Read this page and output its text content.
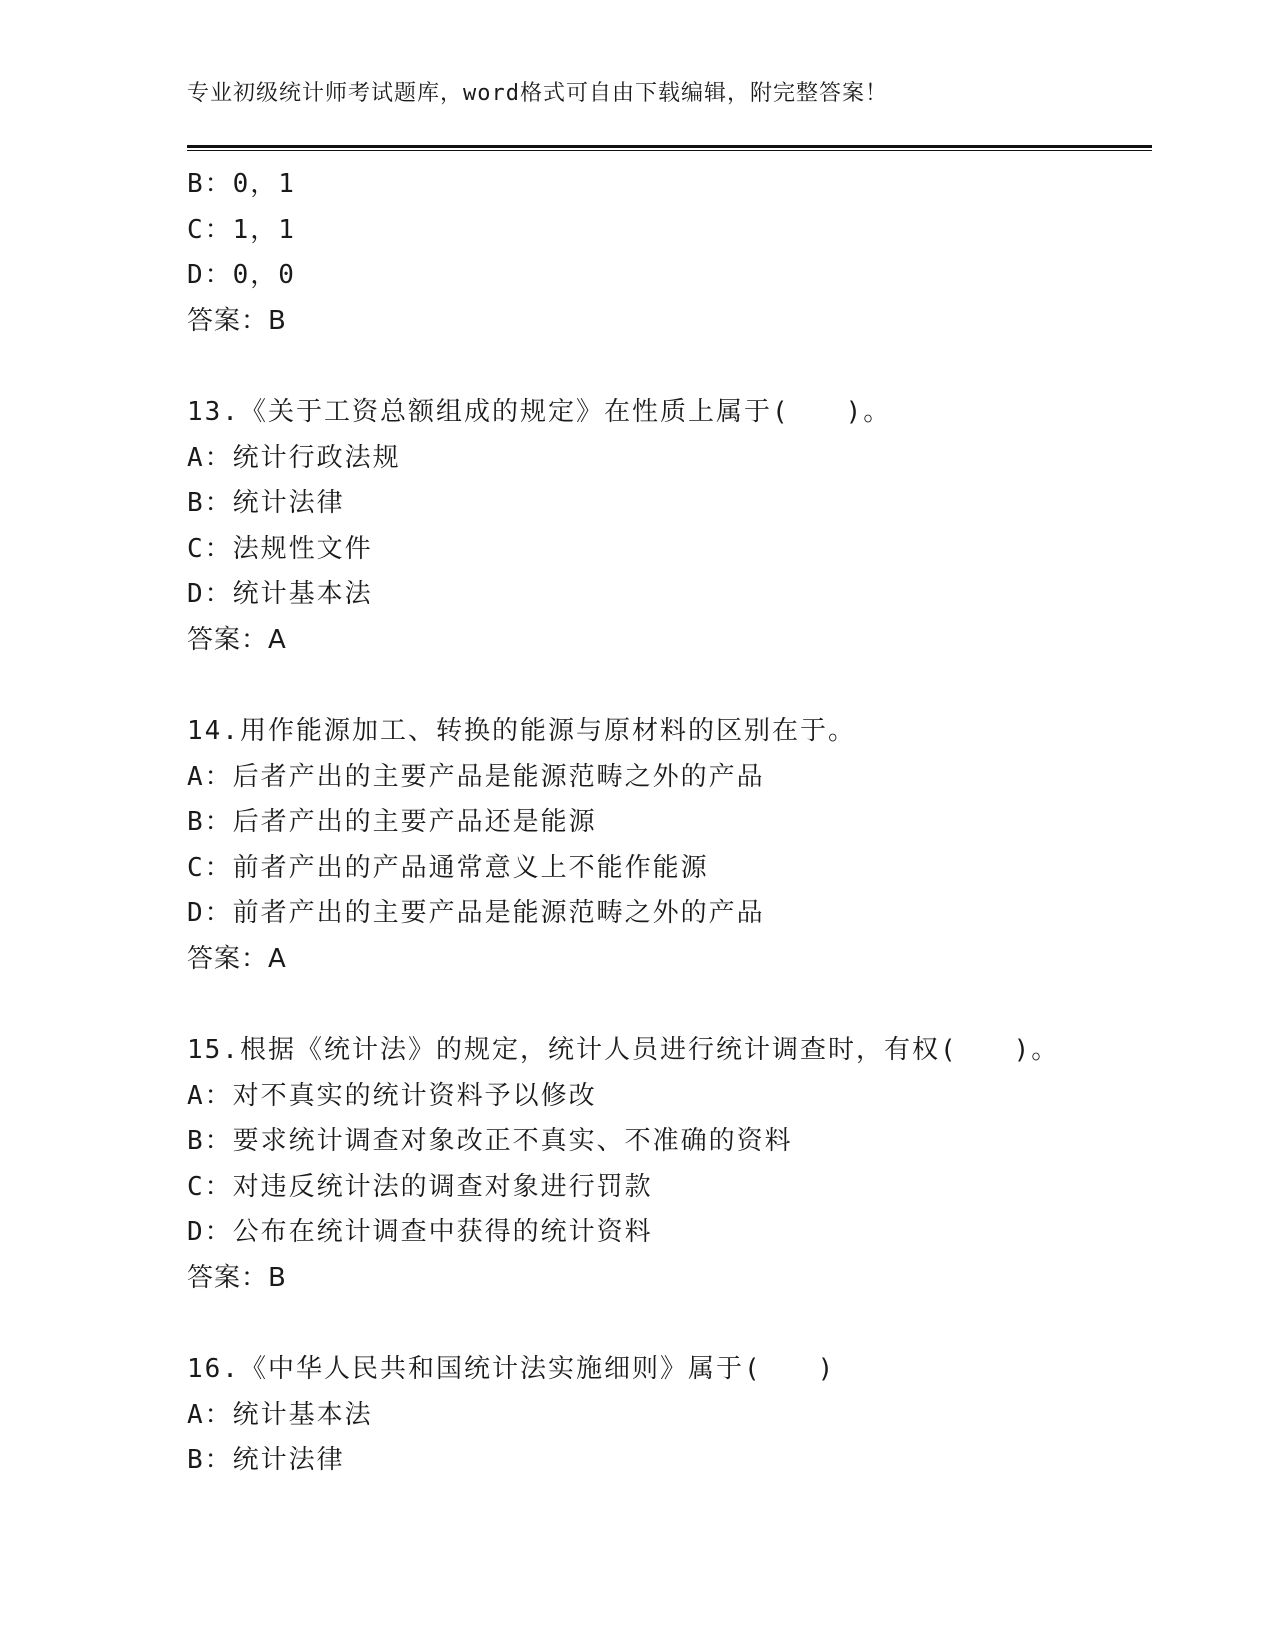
专业初级统计师考试题库，word格式可自由下载编辑，附完整答案！
B：0，1
C：1，1
D：0，0
答案：B
13.《关于工资总额组成的规定》在性质上属于(　　)。
A：统计行政法规
B：统计法律
C：法规性文件
D：统计基本法
答案：A
14.用作能源加工、转换的能源与原材料的区别在于。
A：后者产出的主要产品是能源范畴之外的产品
B：后者产出的主要产品还是能源
C：前者产出的产品通常意义上不能作能源
D：前者产出的主要产品是能源范畴之外的产品
答案：A
15.根据《统计法》的规定，统计人员进行统计调查时，有权(　　)。
A：对不真实的统计资料予以修改
B：要求统计调查对象改正不真实、不准确的资料
C：对违反统计法的调查对象进行罚款
D：公布在统计调查中获得的统计资料
答案：B
16.《中华人民共和国统计法实施细则》属于(　　)
A：统计基本法
B：统计法律
